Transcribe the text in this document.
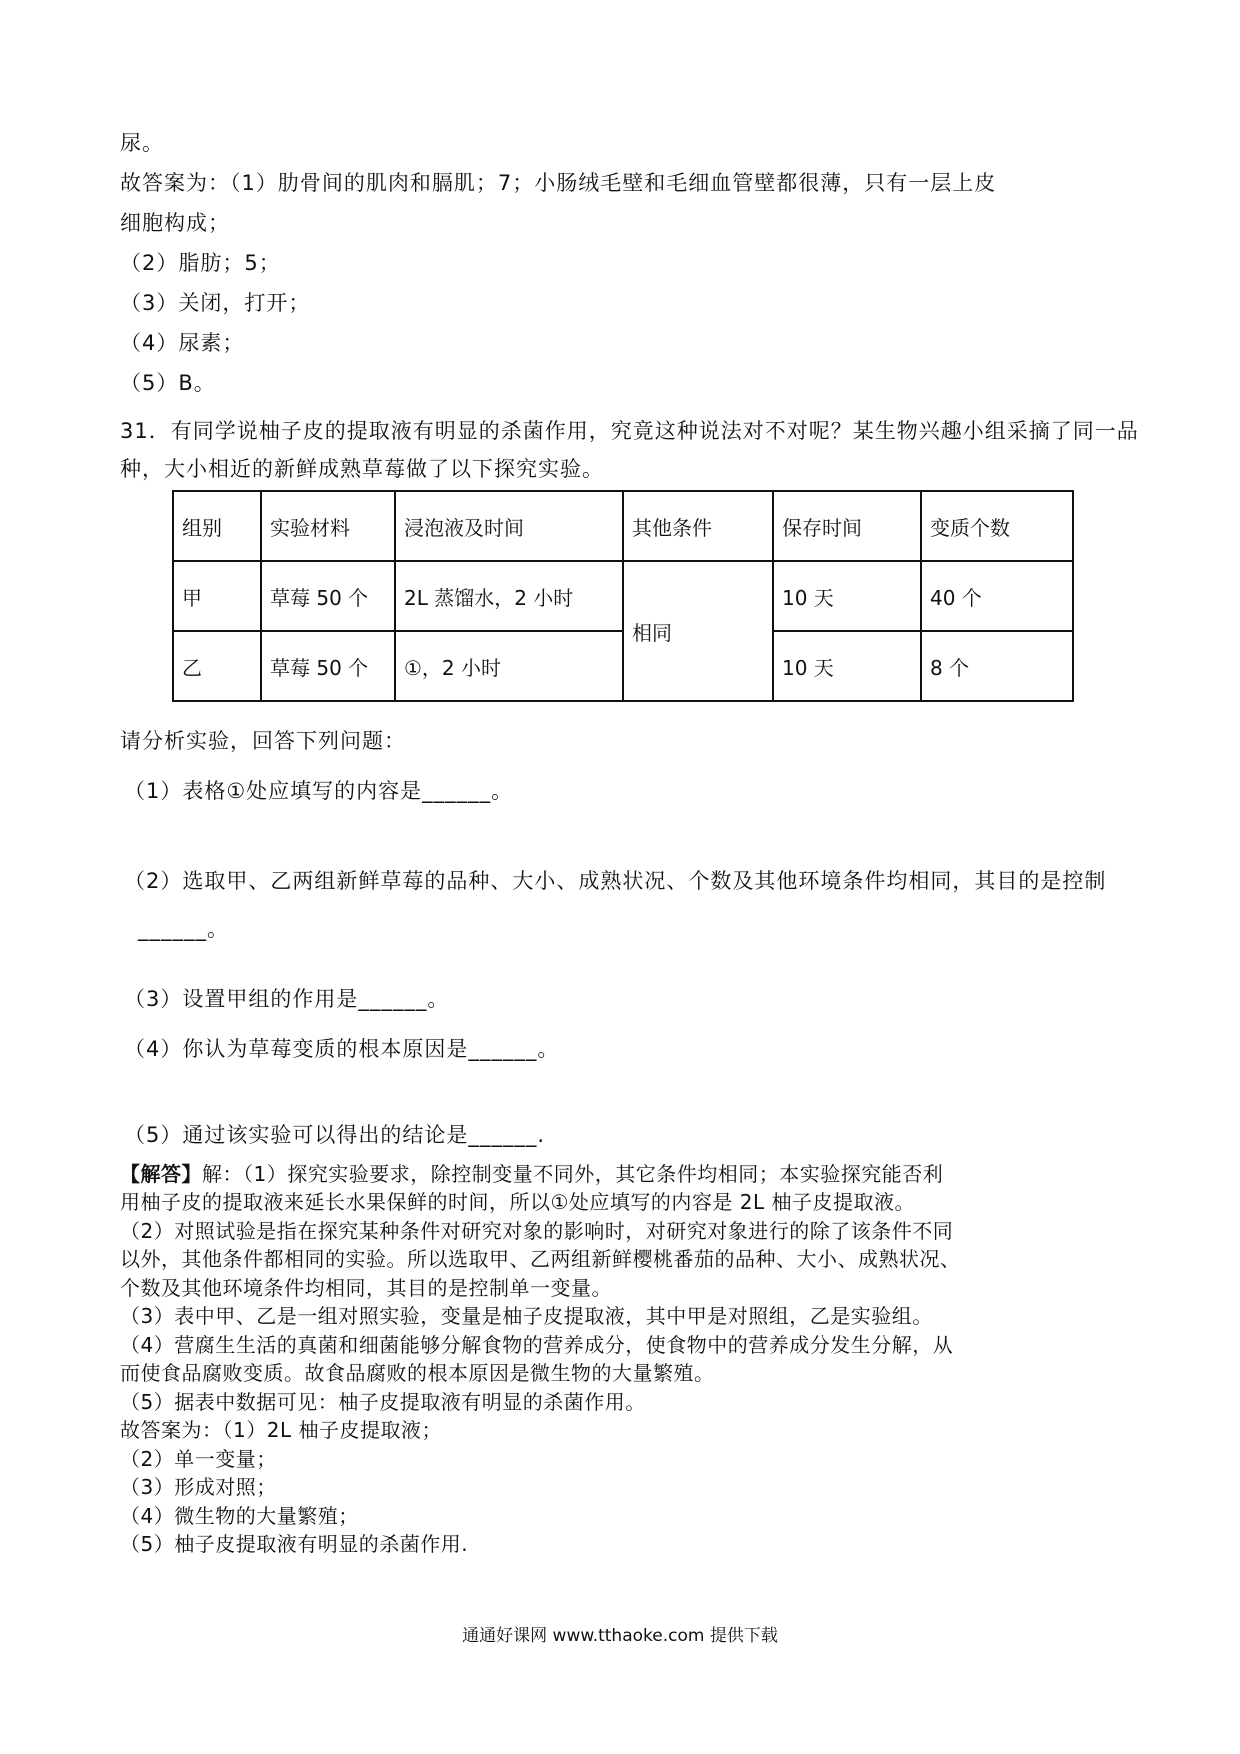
尿。
故答案为：（1）肋骨间的肌肉和膈肌；7；小肠绒毛壁和毛细血管壁都很薄，只有一层上皮
细胞构成；
（2）脂肪；5；
（3）关闭，打开；
（4）尿素；
（5）B。
31．有同学说柚子皮的提取液有明显的杀菌作用，究竟这种说法对不对呢？某生物兴趣小组采摘了同一品
种，大小相近的新鲜成熟草莓做了以下探究实验。
组别	实验材料	浸泡液及时间	其他条件	保存时间	变质个数
甲	草莓 50 个	2L 蒸馏水，2 小时	相同	10 天	40 个
乙	草莓 50 个	①，2 小时		10 天	8 个
请分析实验，回答下列问题：
（1）表格①处应填写的内容是______。
（2）选取甲、乙两组新鲜草莓的品种、大小、成熟状况、个数及其他环境条件均相同，其目的是控制
______。
（3）设置甲组的作用是______。
（4）你认为草莓变质的根本原因是______。
（5）通过该实验可以得出的结论是______.
【解答】解：（1）探究实验要求，除控制变量不同外，其它条件均相同；本实验探究能否利
用柚子皮的提取液来延长水果保鲜的时间，所以①处应填写的内容是 2L 柚子皮提取液。
（2）对照试验是指在探究某种条件对研究对象的影响时，对研究对象进行的除了该条件不同
以外，其他条件都相同的实验。所以选取甲、乙两组新鲜樱桃番茄的品种、大小、成熟状况、
个数及其他环境条件均相同，其目的是控制单一变量。
（3）表中甲、乙是一组对照实验，变量是柚子皮提取液，其中甲是对照组，乙是实验组。
（4）营腐生生活的真菌和细菌能够分解食物的营养成分，使食物中的营养成分发生分解，从
而使食品腐败变质。故食品腐败的根本原因是微生物的大量繁殖。
（5）据表中数据可见：柚子皮提取液有明显的杀菌作用。
故答案为：（1）2L 柚子皮提取液；
（2）单一变量；
（3）形成对照；
（4）微生物的大量繁殖；
（5）柚子皮提取液有明显的杀菌作用.
通通好课网 www.tthaoke.com 提供下载
